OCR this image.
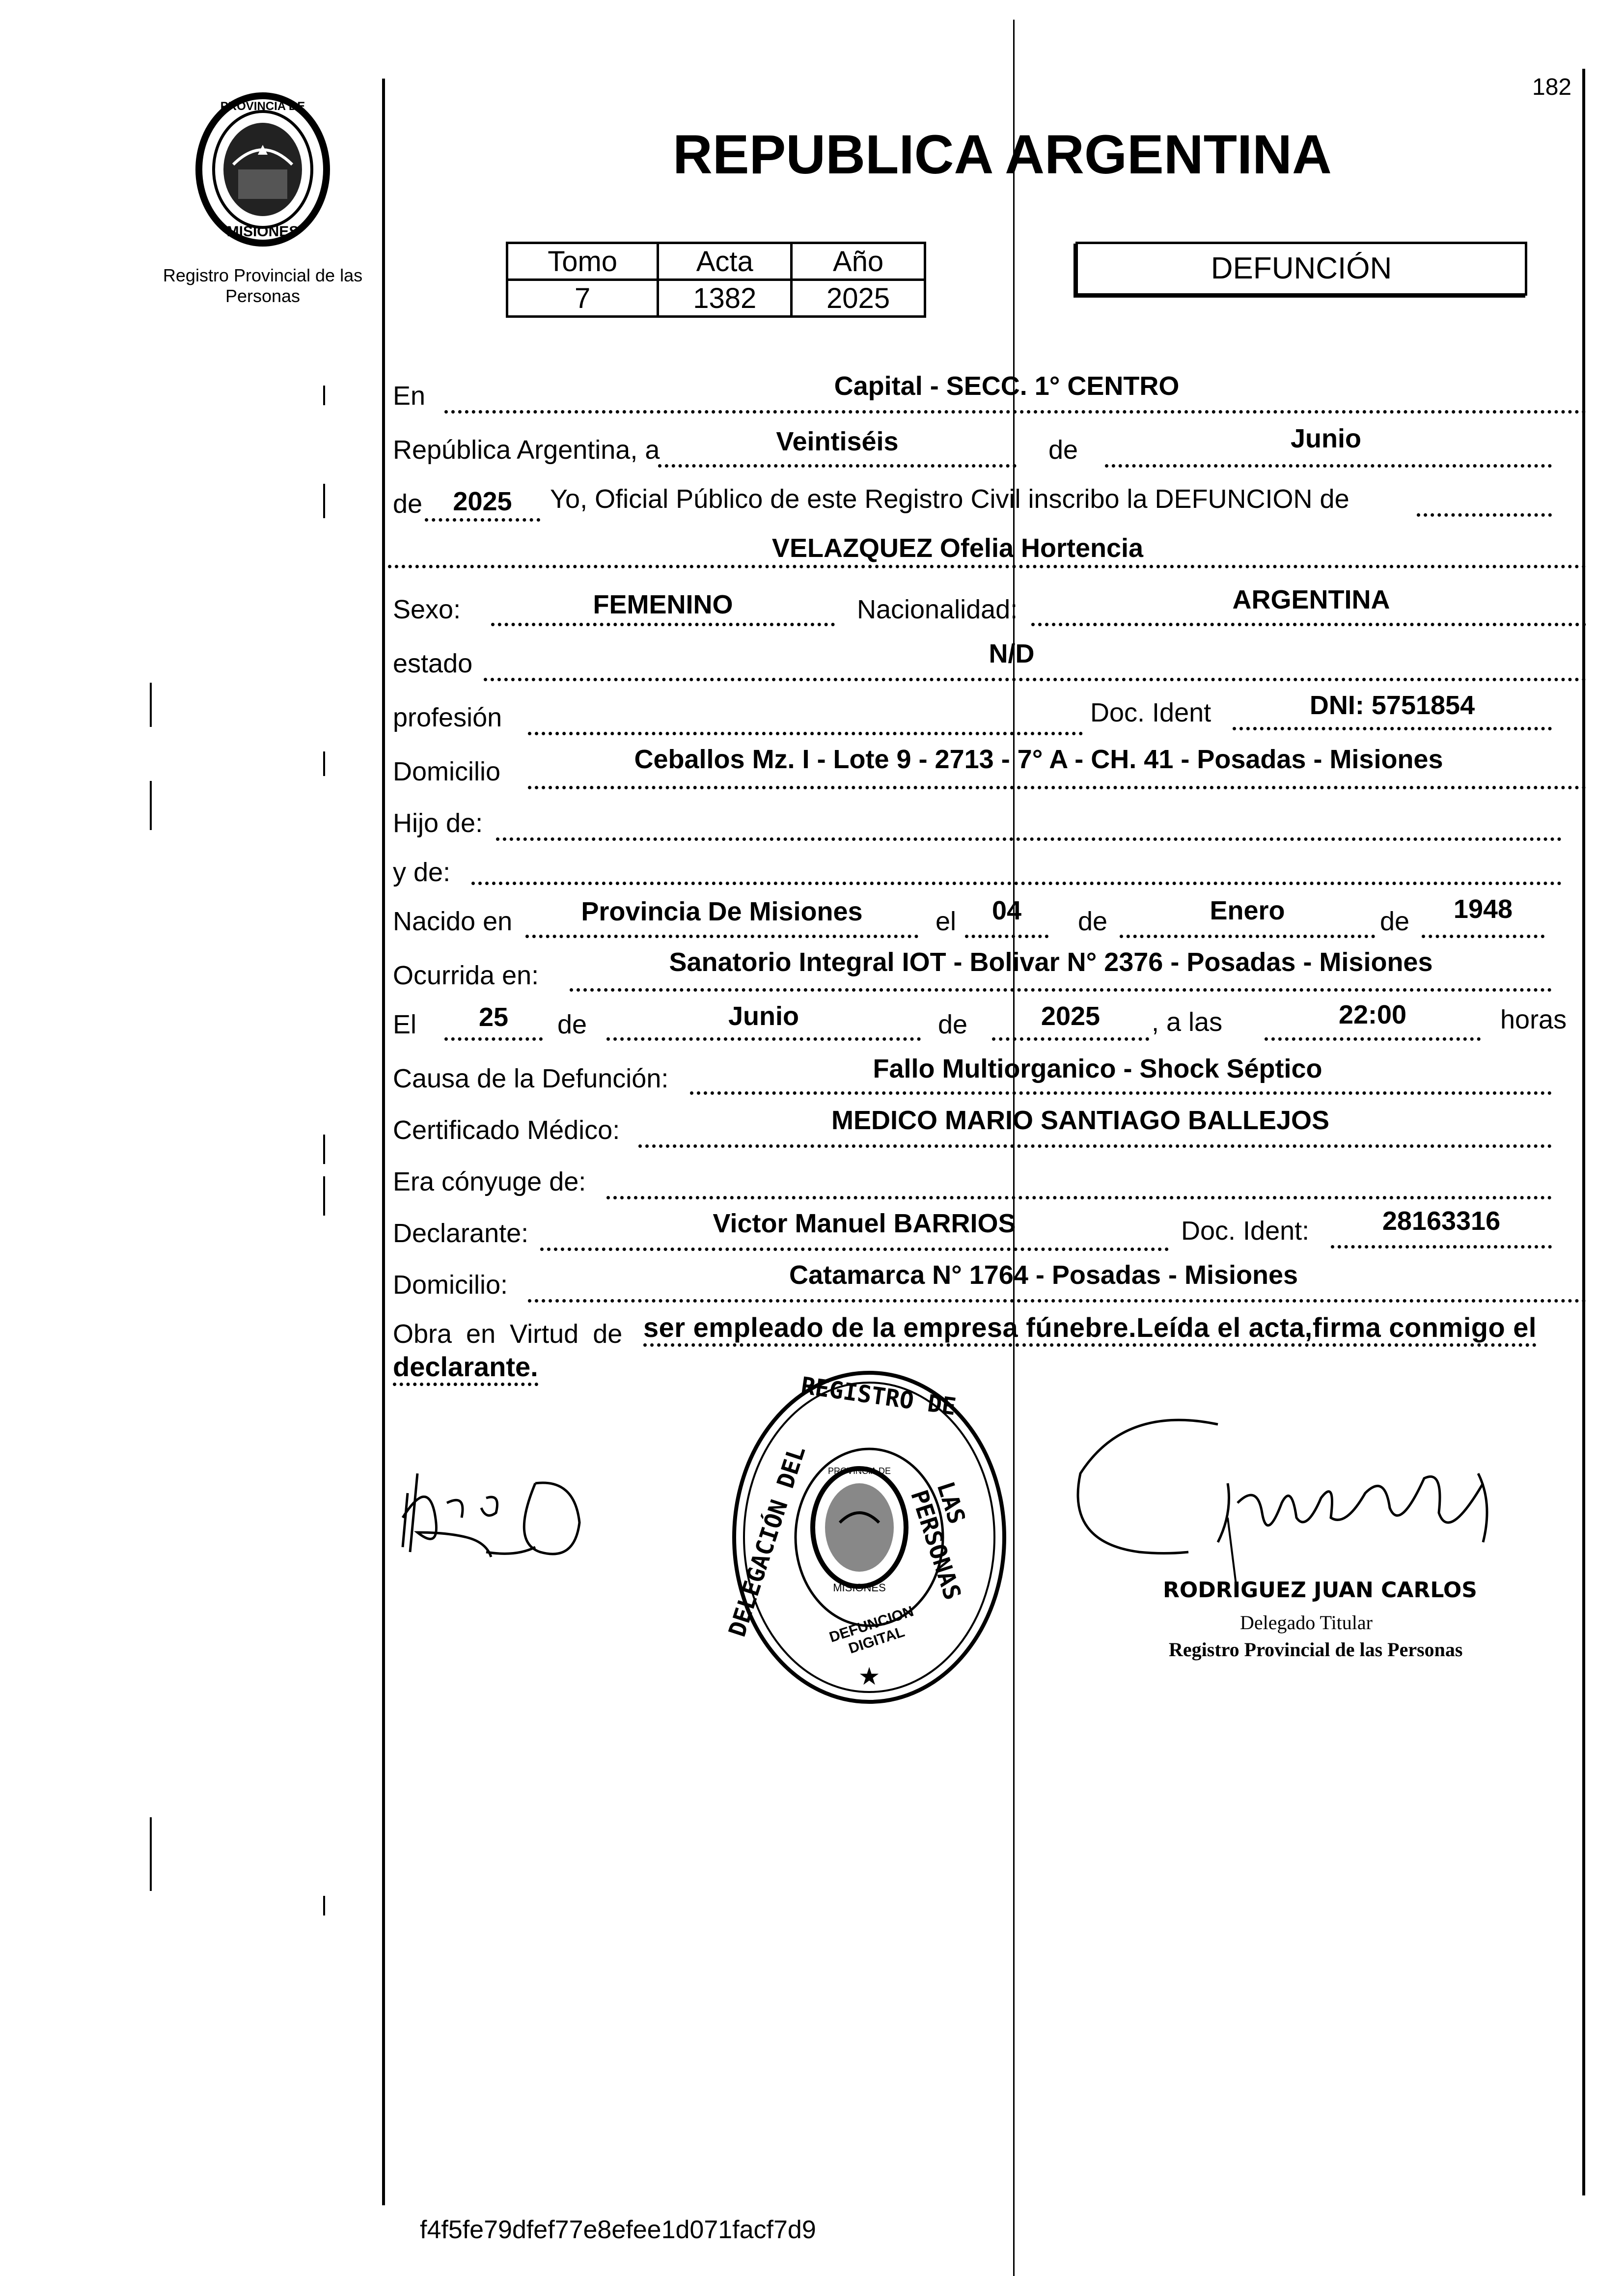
182
PROVINCIA DE
MISIONES
Registro Provincial de las Personas
REPUBLICA ARGENTINA
Tomo	Acta	Año
7	1382	2025
DEFUNCIÓN
En	Capital - SECC. 1° CENTRO
República Argentina, a	Veintiséis	de	Junio
de	2025	Yo, Oficial Público de este Registro Civil inscribo la DEFUNCION de
VELAZQUEZ Ofelia Hortencia
Sexo:	FEMENINO	Nacionalidad:	ARGENTINA
estado	N/D
profesión	Doc. Ident	DNI: 5751854
Domicilio	Ceballos Mz. I - Lote 9 - 2713 - 7° A - CH. 41 - Posadas - Misiones
Hijo de:
y de:
Nacido en	Provincia De Misiones	el	04	de	Enero	de	1948
Ocurrida en:	Sanatorio Integral IOT - Bolivar N° 2376 - Posadas - Misiones
El	25	de	Junio	de	2025	, a las	22:00	horas
Causa de la Defunción:	Fallo Multiorganico - Shock Séptico
Certificado Médico:	MEDICO MARIO SANTIAGO BALLEJOS
Era cónyuge de:
Declarante:	Victor Manuel BARRIOS	Doc. Ident:	28163316
Domicilio:	Catamarca N° 1764 - Posadas - Misiones
Obra en Virtud de ser empleado de la empresa fúnebre.Leída el acta,firma conmigo el
declarante.
★
DELEGACIÓN DEL
REGISTRO DE
LAS PERSONAS
DEFUNCION DIGITAL
PROVINCIA DE
MISIONES	RODRIGUEZ JUAN CARLOS
Delegado Titular
Registro Provincial de las Personas
f4f5fe79dfef77e8efee1d071facf7d9
